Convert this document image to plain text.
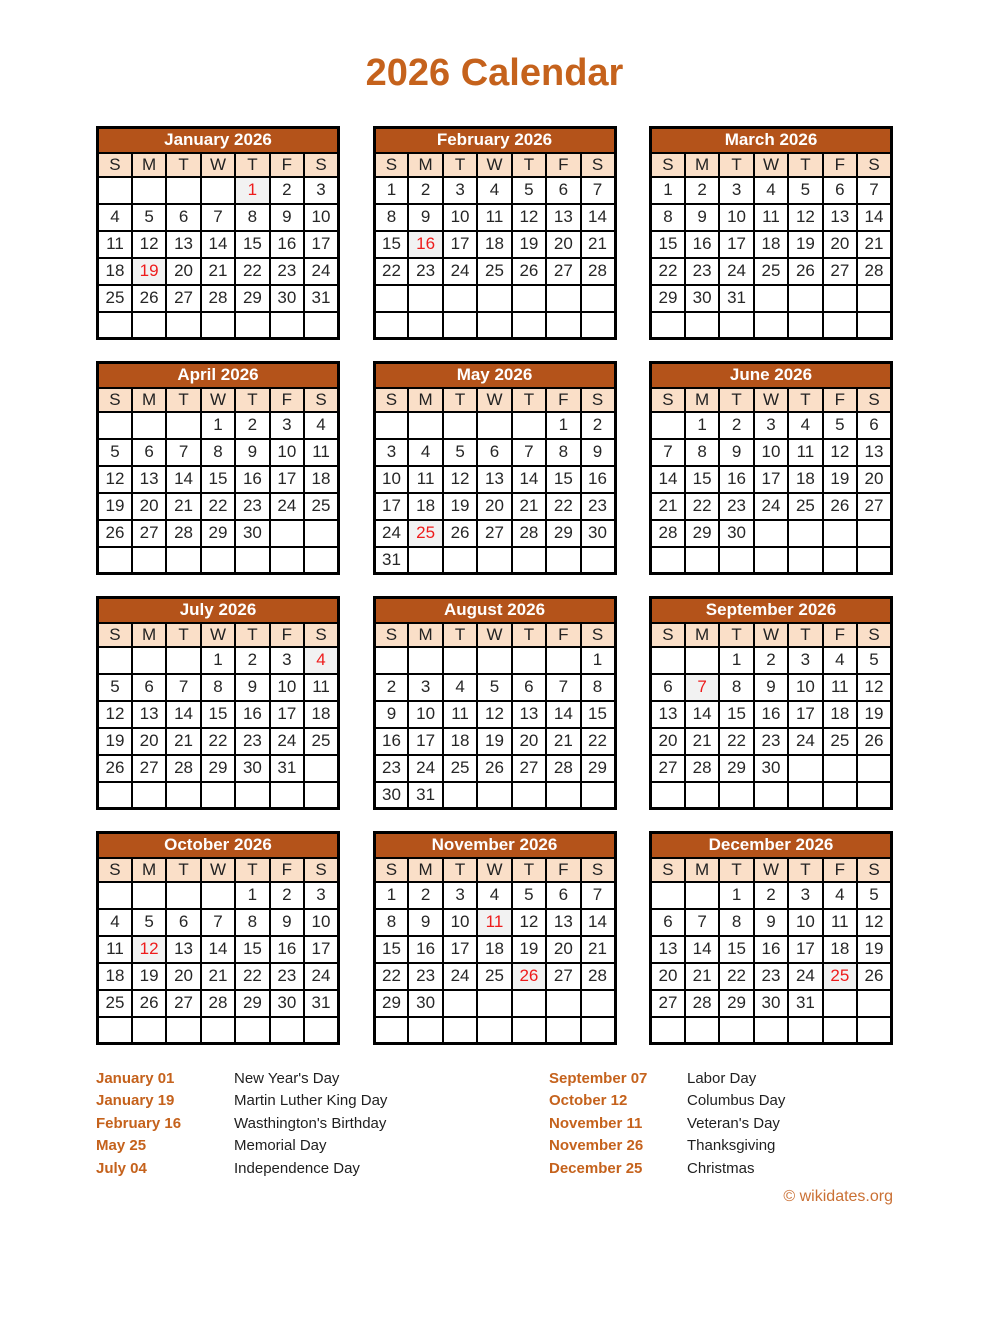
2026 Calendar
January 2026						
S	M	T	W	T	F	S
				1	2	3
4	5	6	7	8	9	10
11	12	13	14	15	16	17
18	19	20	21	22	23	24
25	26	27	28	29	30	31

February 2026						
S	M	T	W	T	F	S
1	2	3	4	5	6	7
8	9	10	11	12	13	14
15	16	17	18	19	20	21
22	23	24	25	26	27	28

March 2026						
S	M	T	W	T	F	S
1	2	3	4	5	6	7
8	9	10	11	12	13	14
15	16	17	18	19	20	21
22	23	24	25	26	27	28
29	30	31				

April 2026						
S	M	T	W	T	F	S
			1	2	3	4
5	6	7	8	9	10	11
12	13	14	15	16	17	18
19	20	21	22	23	24	25
26	27	28	29	30		

May 2026						
S	M	T	W	T	F	S
					1	2
3	4	5	6	7	8	9
10	11	12	13	14	15	16
17	18	19	20	21	22	23
24	25	26	27	28	29	30
31						
June 2026						
S	M	T	W	T	F	S
	1	2	3	4	5	6
7	8	9	10	11	12	13
14	15	16	17	18	19	20
21	22	23	24	25	26	27
28	29	30				

July 2026						
S	M	T	W	T	F	S
			1	2	3	4
5	6	7	8	9	10	11
12	13	14	15	16	17	18
19	20	21	22	23	24	25
26	27	28	29	30	31	

August 2026						
S	M	T	W	T	F	S
						1
2	3	4	5	6	7	8
9	10	11	12	13	14	15
16	17	18	19	20	21	22
23	24	25	26	27	28	29
30	31					
September 2026						
S	M	T	W	T	F	S
		1	2	3	4	5
6	7	8	9	10	11	12
13	14	15	16	17	18	19
20	21	22	23	24	25	26
27	28	29	30			

October 2026						
S	M	T	W	T	F	S
				1	2	3
4	5	6	7	8	9	10
11	12	13	14	15	16	17
18	19	20	21	22	23	24
25	26	27	28	29	30	31

November 2026						
S	M	T	W	T	F	S
1	2	3	4	5	6	7
8	9	10	11	12	13	14
15	16	17	18	19	20	21
22	23	24	25	26	27	28
29	30					

December 2026						
S	M	T	W	T	F	S
		1	2	3	4	5
6	7	8	9	10	11	12
13	14	15	16	17	18	19
20	21	22	23	24	25	26
27	28	29	30	31		

January 01	New Year's Day
January 19	Martin Luther King Day
February 16	Wasthington's Birthday
May 25	Memorial Day
July 04	Independence Day
September 07	Labor Day
October 12	Columbus Day
November 11	Veteran's Day
November 26	Thanksgiving
December 25	Christmas
© wikidates.org
